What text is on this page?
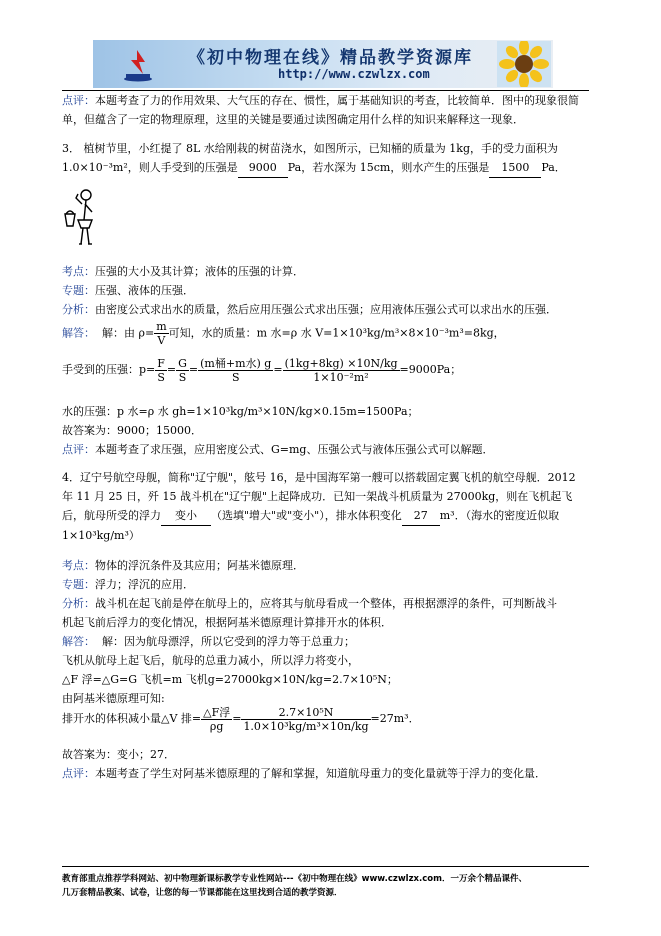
《初中物理在线》精品教学资源库
http://www.czwlzx.com
点评：本题考查了力的作用效果、大气压的存在、惯性，属于基础知识的考查，比较简单．图中的现象很简单，但蕴含了一定的物理原理，这里的关键是要通过读图确定用什么样的知识来解释这一现象．
3． 植树节里，小红提了 8L 水给刚栽的树苗浇水，如图所示，已知桶的质量为 1kg，手的受力面积为
1.0×10⁻³m²，则人手受到的压强是 9000 Pa，若水深为 15cm，则水产生的压强是 1500 Pa．
考点：压强的大小及其计算；液体的压强的计算．
专题：压强、液体的压强．
分析：由密度公式求出水的质量，然后应用压强公式求出压强；应用液体压强公式可以求出水的压强．
解答： 解：由 $\rho= \frac{m}{V}$ 可知，水的质量：m 水=ρ 水 V=1×10³kg/m³×8×10⁻³m³=8kg，
手受到的压强：$p= \frac{F}{S} = \frac{G}{S} = \frac{\text{(m桶+m水) g}}{S} = \frac{(1kg+8kg) \times 10N/kg}{\text{1×10⁻²m²}} =9000Pa$；
水的压强：p 水=ρ 水 gh=1×10³kg/m³×10N/kg×0.15m=1500Pa；
故答案为：9000；15000．
点评：本题考查了求压强，应用密度公式、G=mg、压强公式与液体压强公式可以解题．
4．辽宁号航空母舰，简称"辽宁舰"，舷号 16，是中国海军第一艘可以搭载固定翼飞机的航空母舰．2012
年 11 月 25 日，歼 15 战斗机在"辽宁舰"上起降成功．已知一架战斗机质量为 27000kg，则在飞机起飞
后，航母所受的浮力 变小 （选填"增大"或"变小"），排水体积变化 27 m³．（海水的密度近似取
1×10³kg/m³）
考点：物体的浮沉条件及其应用；阿基米德原理．
专题：浮力；浮沉的应用．
分析：战斗机在起飞前是停在航母上的，应将其与航母看成一个整体，再根据漂浮的条件，可判断战斗
机起飞前后浮力的变化情况，根据阿基米德原理计算排开水的体积．
解答： 解：因为航母漂浮，所以它受到的浮力等于总重力；
飞机从航母上起飞后，航母的总重力减小，所以浮力将变小，
△F 浮=△G=G 飞机=m 飞机g=27000kg×10N/kg=2.7×10⁵N；
由阿基米德原理可知:
排开水的体积减小量△V 排= $\frac{\text{△F浮}}{\rho g} = \frac{\text{2.7×10⁵N}}{\text{1.0×10³kg/m³×10n/kg}} =27m^3$．
故答案为：变小；27．
点评：本题考查了学生对阿基米德原理的了解和掌握，知道航母重力的变化量就等于浮力的变化量．
教育部重点推荐学科网站、初中物理新课标教学专业性网站---《初中物理在线》www.czwlzx.com．一万余个精品课件、
几万套精品教案、试卷，让您的每一节课都能在这里找到合适的教学资源．
